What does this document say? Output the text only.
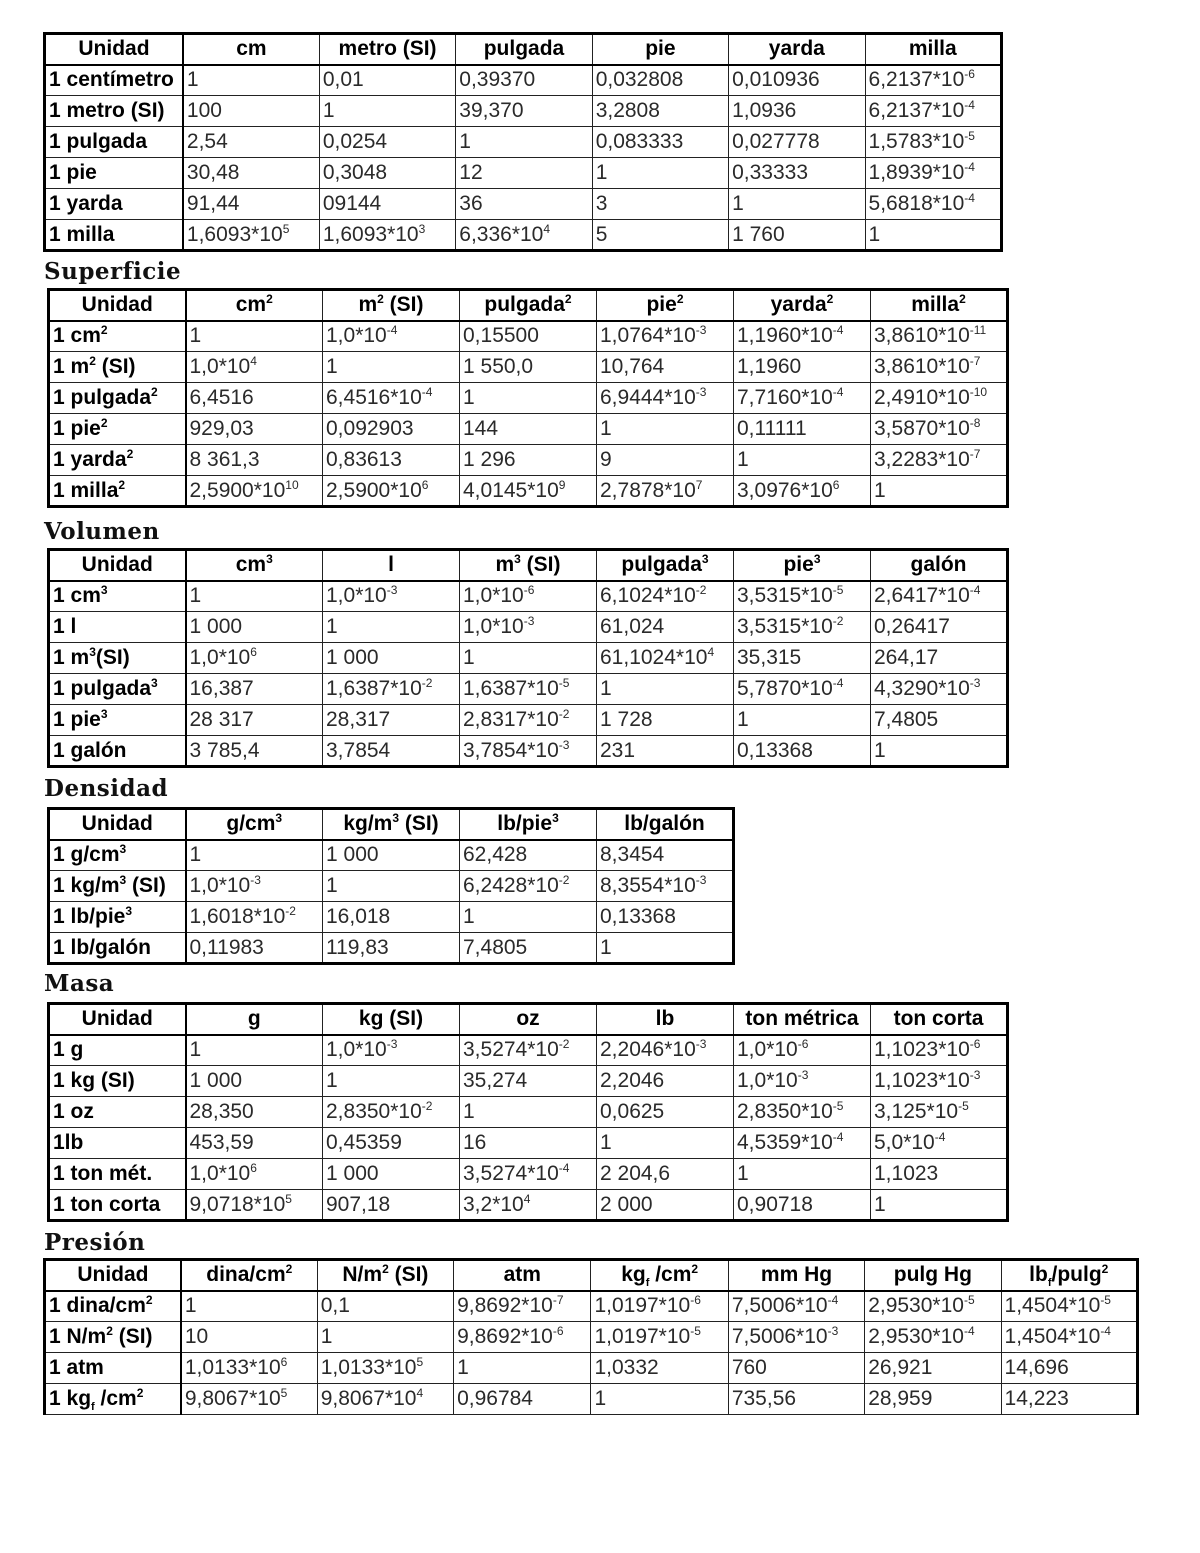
Superficie
Volumen
Densidad
Masa
Presión
Unidad	cm	metro (SI)	pulgada	pie	yarda	milla
1 centímetro	1	0,01	0,39370	0,032808	0,010936	$6,2137*10^{-6}$
1 metro (SI)	100	1	39,370	3,2808	1,0936	$6,2137*10^{-4}$
1 pulgada	2,54	0,0254	1	0,083333	0,027778	$1,5783*10^{-5}$
1 pie	30,48	0,3048	12	1	0,33333	$1,8939*10^{-4}$
1 yarda	91,44	09144	36	3	1	$5,6818*10^{-4}$
1 milla	$1,6093*10^5$	$1,6093*10^3$	$6,336*10^4$	5	1 760	1
Unidad	$cm^2$	$m^2$ (SI)	pulgada$^2$	pie$^2$	yarda$^2$	milla$^2$
1 $cm^2$	1	$1,0*10^{-4}$	0,15500	$1,0764*10^{-3}$	$1,1960*10^{-4}$	$3,8610*10^{-11}$
1 $m^2$ (SI)	$1,0*10^4$	1	1 550,0	10,764	1,1960	$3,8610*10^{-7}$
1 pulgada$^2$	6,4516	$6,4516*10^{-4}$	1	$6,9444*10^{-3}$	$7,7160*10^{-4}$	$2,4910*10^{-10}$
1 pie$^2$	929,03	0,092903	144	1	0,11111	$3,5870*10^{-8}$
1 yarda$^2$	8 361,3	0,83613	1 296	9	1	$3,2283*10^{-7}$
1 milla$^2$	$2,5900*10^{10}$	$2,5900*10^6$	$4,0145*10^9$	$2,7878*10^7$	$3,0976*10^6$	1
Unidad	$cm^3$	l	$m^3$ (SI)	pulgada$^3$	pie$^3$	galón
1 $cm^3$	1	$1,0*10^{-3}$	$1,0*10^{-6}$	$6,1024*10^{-2}$	$3,5315*10^{-5}$	$2,6417*10^{-4}$
1 l	1 000	1	$1,0*10^{-3}$	61,024	$3,5315*10^{-2}$	0,26417
1 $m^3(SI)$	$1,0*10^6$	1 000	1	$61,1024*10^4$	35,315	264,17
1 pulgada$^3$	16,387	$1,6387*10^{-2}$	$1,6387*10^{-5}$	1	$5,7870*10^{-4}$	$4,3290*10^{-3}$
1 pie$^3$	28 317	28,317	$2,8317*10^{-2}$	1 728	1	7,4805
1 galón	3 785,4	3,7854	$3,7854*10^{-3}$	231	0,13368	1
Unidad	$g/cm^3$	$kg/m^3$ (SI)	lb/pie$^3$	lb/galón
1 $g/cm^3$	1	1 000	62,428	8,3454
1 $kg/m^3$ (SI)	$1,0*10^{-3}$	1	$6,2428*10^{-2}$	$8,3554*10^{-3}$
1 lb/pie$^3$	$1,6018*10^{-2}$	16,018	1	0,13368
1 lb/galón	0,11983	119,83	7,4805	1
Unidad	g	kg (SI)	oz	lb	ton métrica	ton corta
1 g	1	$1,0*10^{-3}$	$3,5274*10^{-2}$	$2,2046*10^{-3}$	$1,0*10^{-6}$	$1,1023*10^{-6}$
1 kg (SI)	1 000	1	35,274	2,2046	$1,0*10^{-3}$	$1,1023*10^{-3}$
1 oz	28,350	$2,8350*10^{-2}$	1	0,0625	$2,8350*10^{-5}$	$3,125*10^{-5}$
1lb	453,59	0,45359	16	1	$4,5359*10^{-4}$	$5,0*10^{-4}$
1 ton mét.	$1,0*10^6$	1 000	$3,5274*10^{-4}$	2 204,6	1	1,1023
1 ton corta	$9,0718*10^5$	907,18	$3,2*10^4$	2 000	0,90718	1
Unidad	dina/$cm^2$	$N/m^2$ (SI)	atm	$kg_f$ $/cm^2$	mm Hg	pulg Hg	$lb_f/pulg^2$
1 dina/$cm^2$	1	0,1	$9,8692*10^{-7}$	$1,0197*10^{-6}$	$7,5006*10^{-4}$	$2,9530*10^{-5}$	$1,4504*10^{-5}$
1 $N/m^2$ (SI)	10	1	$9,8692*10^{-6}$	$1,0197*10^{-5}$	$7,5006*10^{-3}$	$2,9530*10^{-4}$	$1,4504*10^{-4}$
1 atm	$1,0133*10^6$	$1,0133*10^5$	1	1,0332	760	26,921	14,696
1 $kg_f$ $/cm^2$	$9,8067*10^5$	$9,8067*10^4$	0,96784	1	735,56	28,959	14,223
